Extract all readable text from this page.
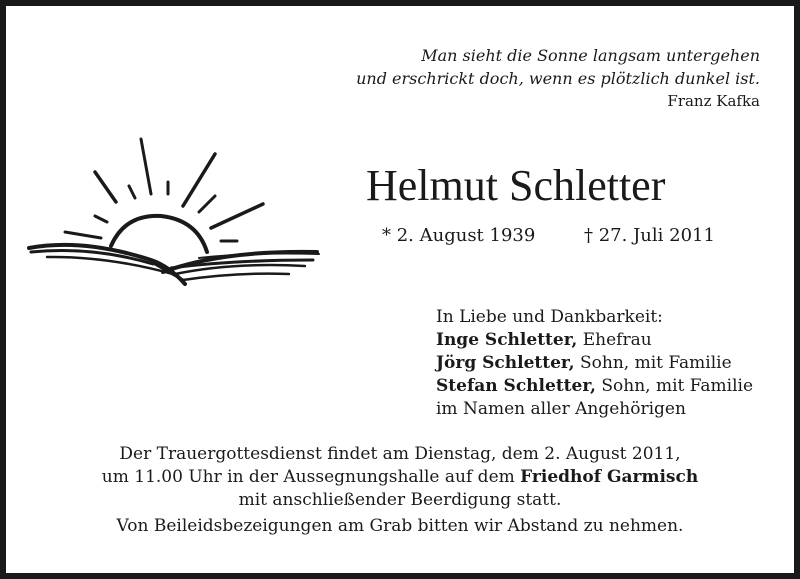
Man sieht die Sonne langsam untergehen
und erschrickt doch, wenn es plötzlich dunkel ist.
Franz Kafka
Helmut Schletter
* 2. August 1939	† 27. Juli 2011
In Liebe und Dankbarkeit:
Inge Schletter, Ehefrau
Jörg Schletter, Sohn, mit Familie
Stefan Schletter, Sohn, mit Familie
im Namen aller Angehörigen
Der Trauergottesdienst findet am Dienstag, dem 2. August 2011,
um 11.00 Uhr in der Aussegnungshalle auf dem Friedhof Garmisch
mit anschließender Beerdigung statt.
Von Beileidsbezeigungen am Grab bitten wir Abstand zu nehmen.
